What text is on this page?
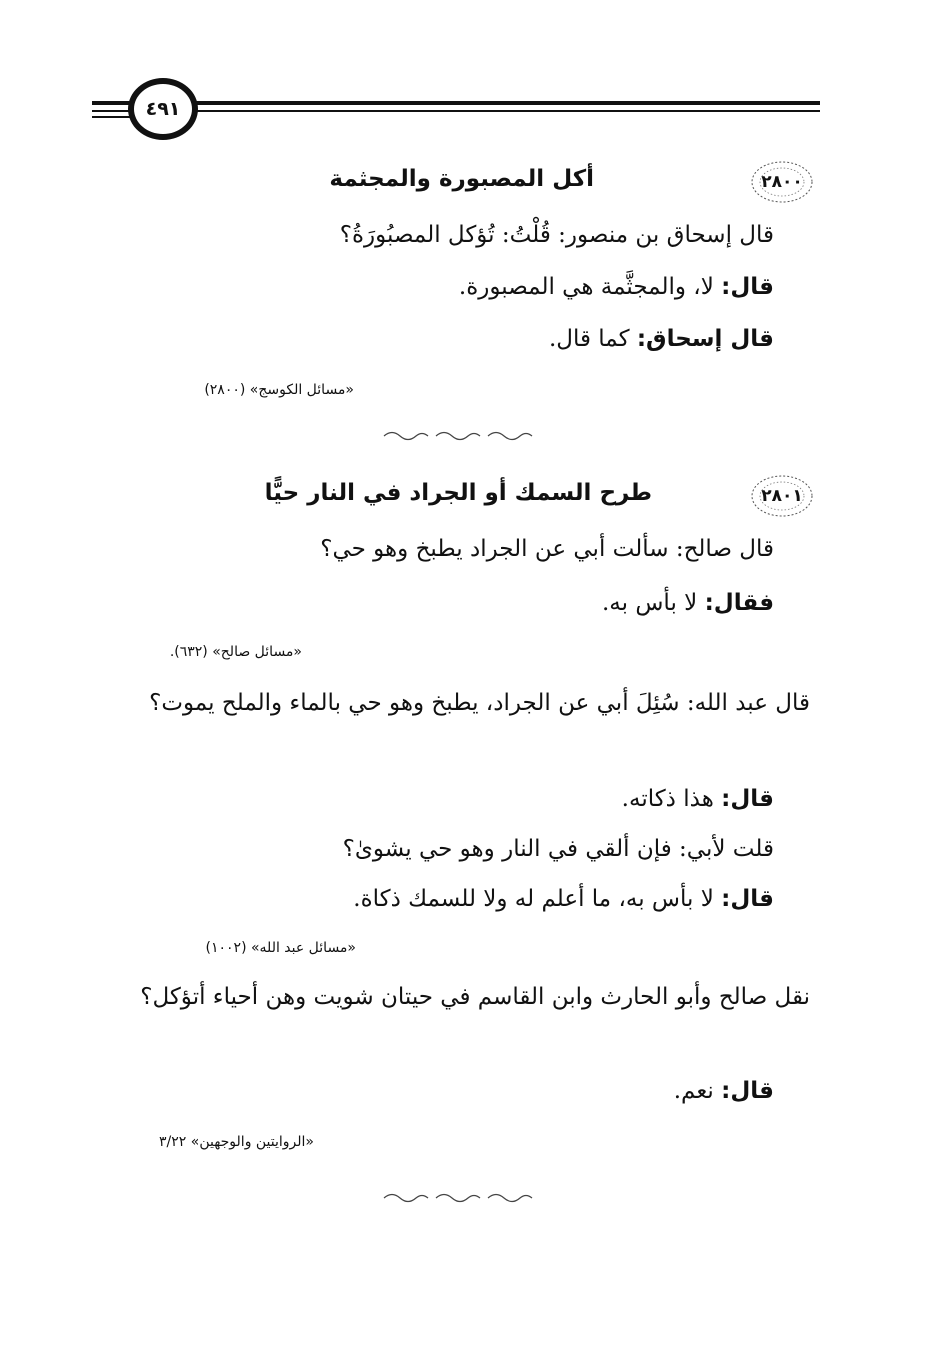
٤٩١
٢٨٠٠
أكل المصبورة والمجثمة
قال إسحاق بن منصور: قُلْتُ: تُؤكل المصبُورَةُ؟
قال: لا، والمجثَّمة هي المصبورة.
قال إسحاق: كما قال.
«مسائل الكوسج» (٢٨٠٠)
٢٨٠١
طرح السمك أو الجراد في النار حيًّا
قال صالح: سألت أبي عن الجراد يطبخ وهو حي؟
فقال: لا بأس به.
«مسائل صالح» (٦٣٢).
قال عبد الله: سُئِلَ أبي عن الجراد، يطبخ وهو حي بالماء والملح يموت؟
قال: هذا ذكاته.
قلت لأبي: فإن ألقي في النار وهو حي يشوىٰ؟
قال: لا بأس به، ما أعلم له ولا للسمك ذكاة.
«مسائل عبد الله» (١٠٠٢)
نقل صالح وأبو الحارث وابن القاسم في حيتان شويت وهن أحياء أتؤكل؟
قال: نعم.
«الروايتين والوجهين» ٣/٢٢
